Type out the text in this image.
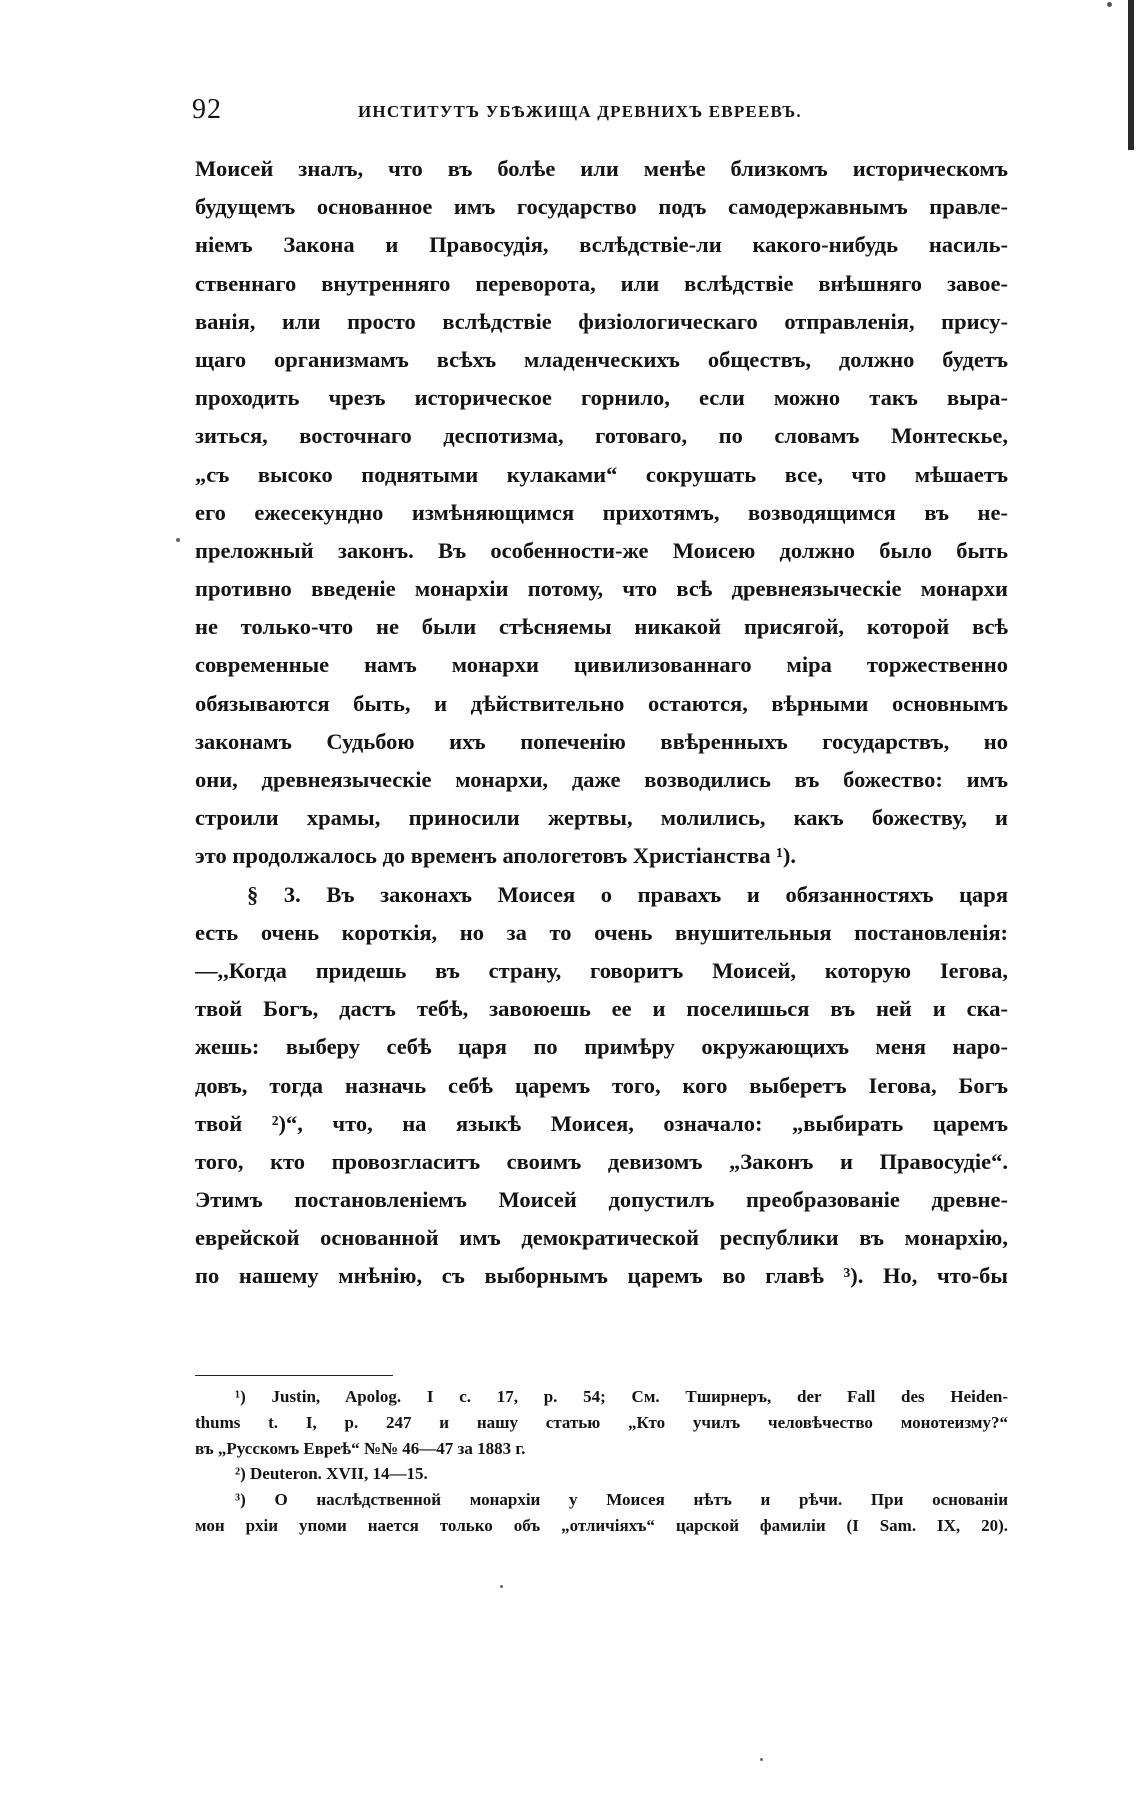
92	ИНСТИТУТЪ УБѢЖИЩА ДРЕВНИХЪ ЕВРЕЕВЪ.
Моисей зналъ, что въ болѣе или менѣе близкомъ историческомъ
будущемъ основанное имъ государство подъ самодержавнымъ правле-
ніемъ Закона и Правосудія, вслѣдствіе-ли какого-нибудь насиль-
ственнаго внутренняго переворота, или вслѣдствіе внѣшняго завое-
ванія, или просто вслѣдствіе физіологическаго отправленія, прису-
щаго организмамъ всѣхъ младенческихъ обществъ, должно будетъ
проходить чрезъ историческое горнило, если можно такъ выра-
зиться, восточнаго деспотизма, готоваго, по словамъ Монтескье,
„съ высоко поднятыми кулаками“ сокрушать все, что мѣшаетъ
его ежесекундно измѣняющимся прихотямъ, возводящимся въ не-
преложный законъ. Въ особенности-же Моисею должно было быть
противно введеніе монархіи потому, что всѣ древнеязыческіе монархи
не только-что не были стѣсняемы никакой присягой, которой всѣ
современные намъ монархи цивилизованнаго міра торжественно
обязываются быть, и дѣйствительно остаются, вѣрными основнымъ
законамъ Судьбою ихъ попеченію ввѣренныхъ государствъ, но
они, древнеязыческіе монархи, даже возводились въ божество: имъ
строили храмы, приносили жертвы, молились, какъ божеству, и
это продолжалось до временъ апологетовъ Христіанства ¹).
§ 3. Въ законахъ Моисея о правахъ и обязанностяхъ царя
есть очень короткія, но за то очень внушительныя постановленія:
—,,Когда придешь въ страну, говоритъ Моисей, которую Іегова,
твой Богъ, дастъ тебѣ, завоюешь ее и поселишься въ ней и ска-
жешь: выберу себѣ царя по примѣру окружающихъ меня наро-
довъ, тогда назначь себѣ царемъ того, кого выберетъ Іегова, Богъ
твой ²)“, что, на языкѣ Моисея, означало: „выбирать царемъ
того, кто провозгласитъ своимъ девизомъ „Законъ и Правосудіе“.
Этимъ постановленіемъ Моисей допустилъ преобразованіе древне-
еврейской основанной имъ демократической республики въ монархію,
по нашему мнѣнію, съ выборнымъ царемъ во главѣ ³). Но, что-бы
¹) Justin, Apolog. I c. 17, p. 54; См. Тширнеръ, der Fall des Heiden-
thums t. I, p. 247 и нашу статью „Кто училъ человѣчество монотеизму?“
въ „Русскомъ Евреѣ“ №№ 46—47 за 1883 г.
²) Deuteron. XVII, 14—15.
³) О наслѣдственной монархіи у Моисея нѣтъ и рѣчи. При основаніи
мон рхіи упоми нается только объ „отличіяхъ“ царской фамиліи (I Sam. IX, 20).
